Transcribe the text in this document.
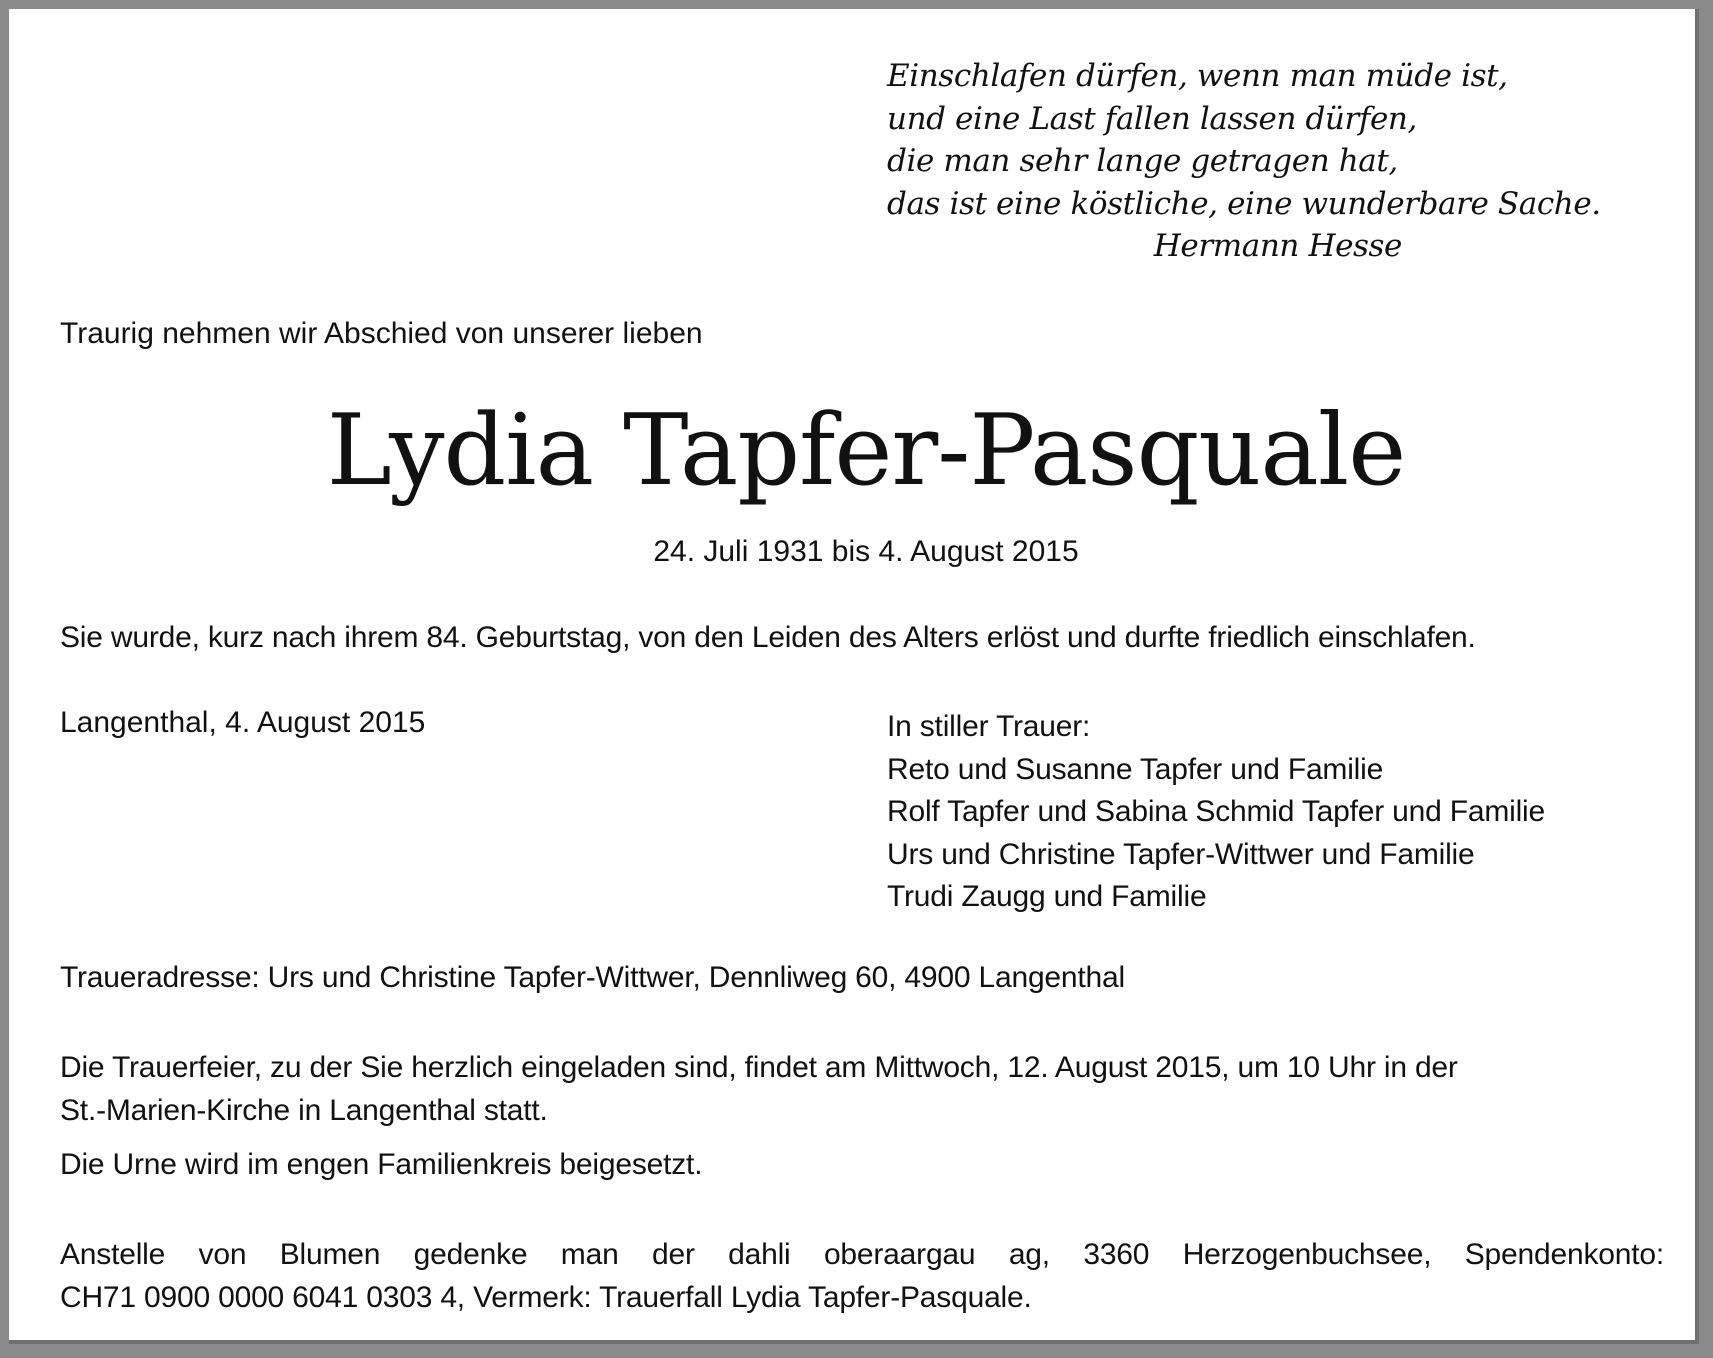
Einschlafen dürfen, wenn man müde ist,
und eine Last fallen lassen dürfen,
die man sehr lange getragen hat,
das ist eine köstliche, eine wunderbare Sache.
Hermann Hesse
Traurig nehmen wir Abschied von unserer lieben
Lydia Tapfer-Pasquale
24. Juli 1931 bis 4. August 2015
Sie wurde, kurz nach ihrem 84. Geburtstag, von den Leiden des Alters erlöst und durfte friedlich einschlafen.
Langenthal, 4. August 2015	In stiller Trauer:
Reto und Susanne Tapfer und Familie
Rolf Tapfer und Sabina Schmid Tapfer und Familie
Urs und Christine Tapfer-Wittwer und Familie
Trudi Zaugg und Familie
Traueradresse: Urs und Christine Tapfer-Wittwer, Dennliweg 60, 4900 Langenthal
Die Trauerfeier, zu der Sie herzlich eingeladen sind, findet am Mittwoch, 12. August 2015, um 10 Uhr in der
St.-Marien-Kirche in Langenthal statt.
Die Urne wird im engen Familienkreis beigesetzt.
Anstelle von Blumen gedenke man der dahli oberaargau ag, 3360 Herzogenbuchsee, Spendenkonto:
CH71 0900 0000 6041 0303 4, Vermerk: Trauerfall Lydia Tapfer-Pasquale.
